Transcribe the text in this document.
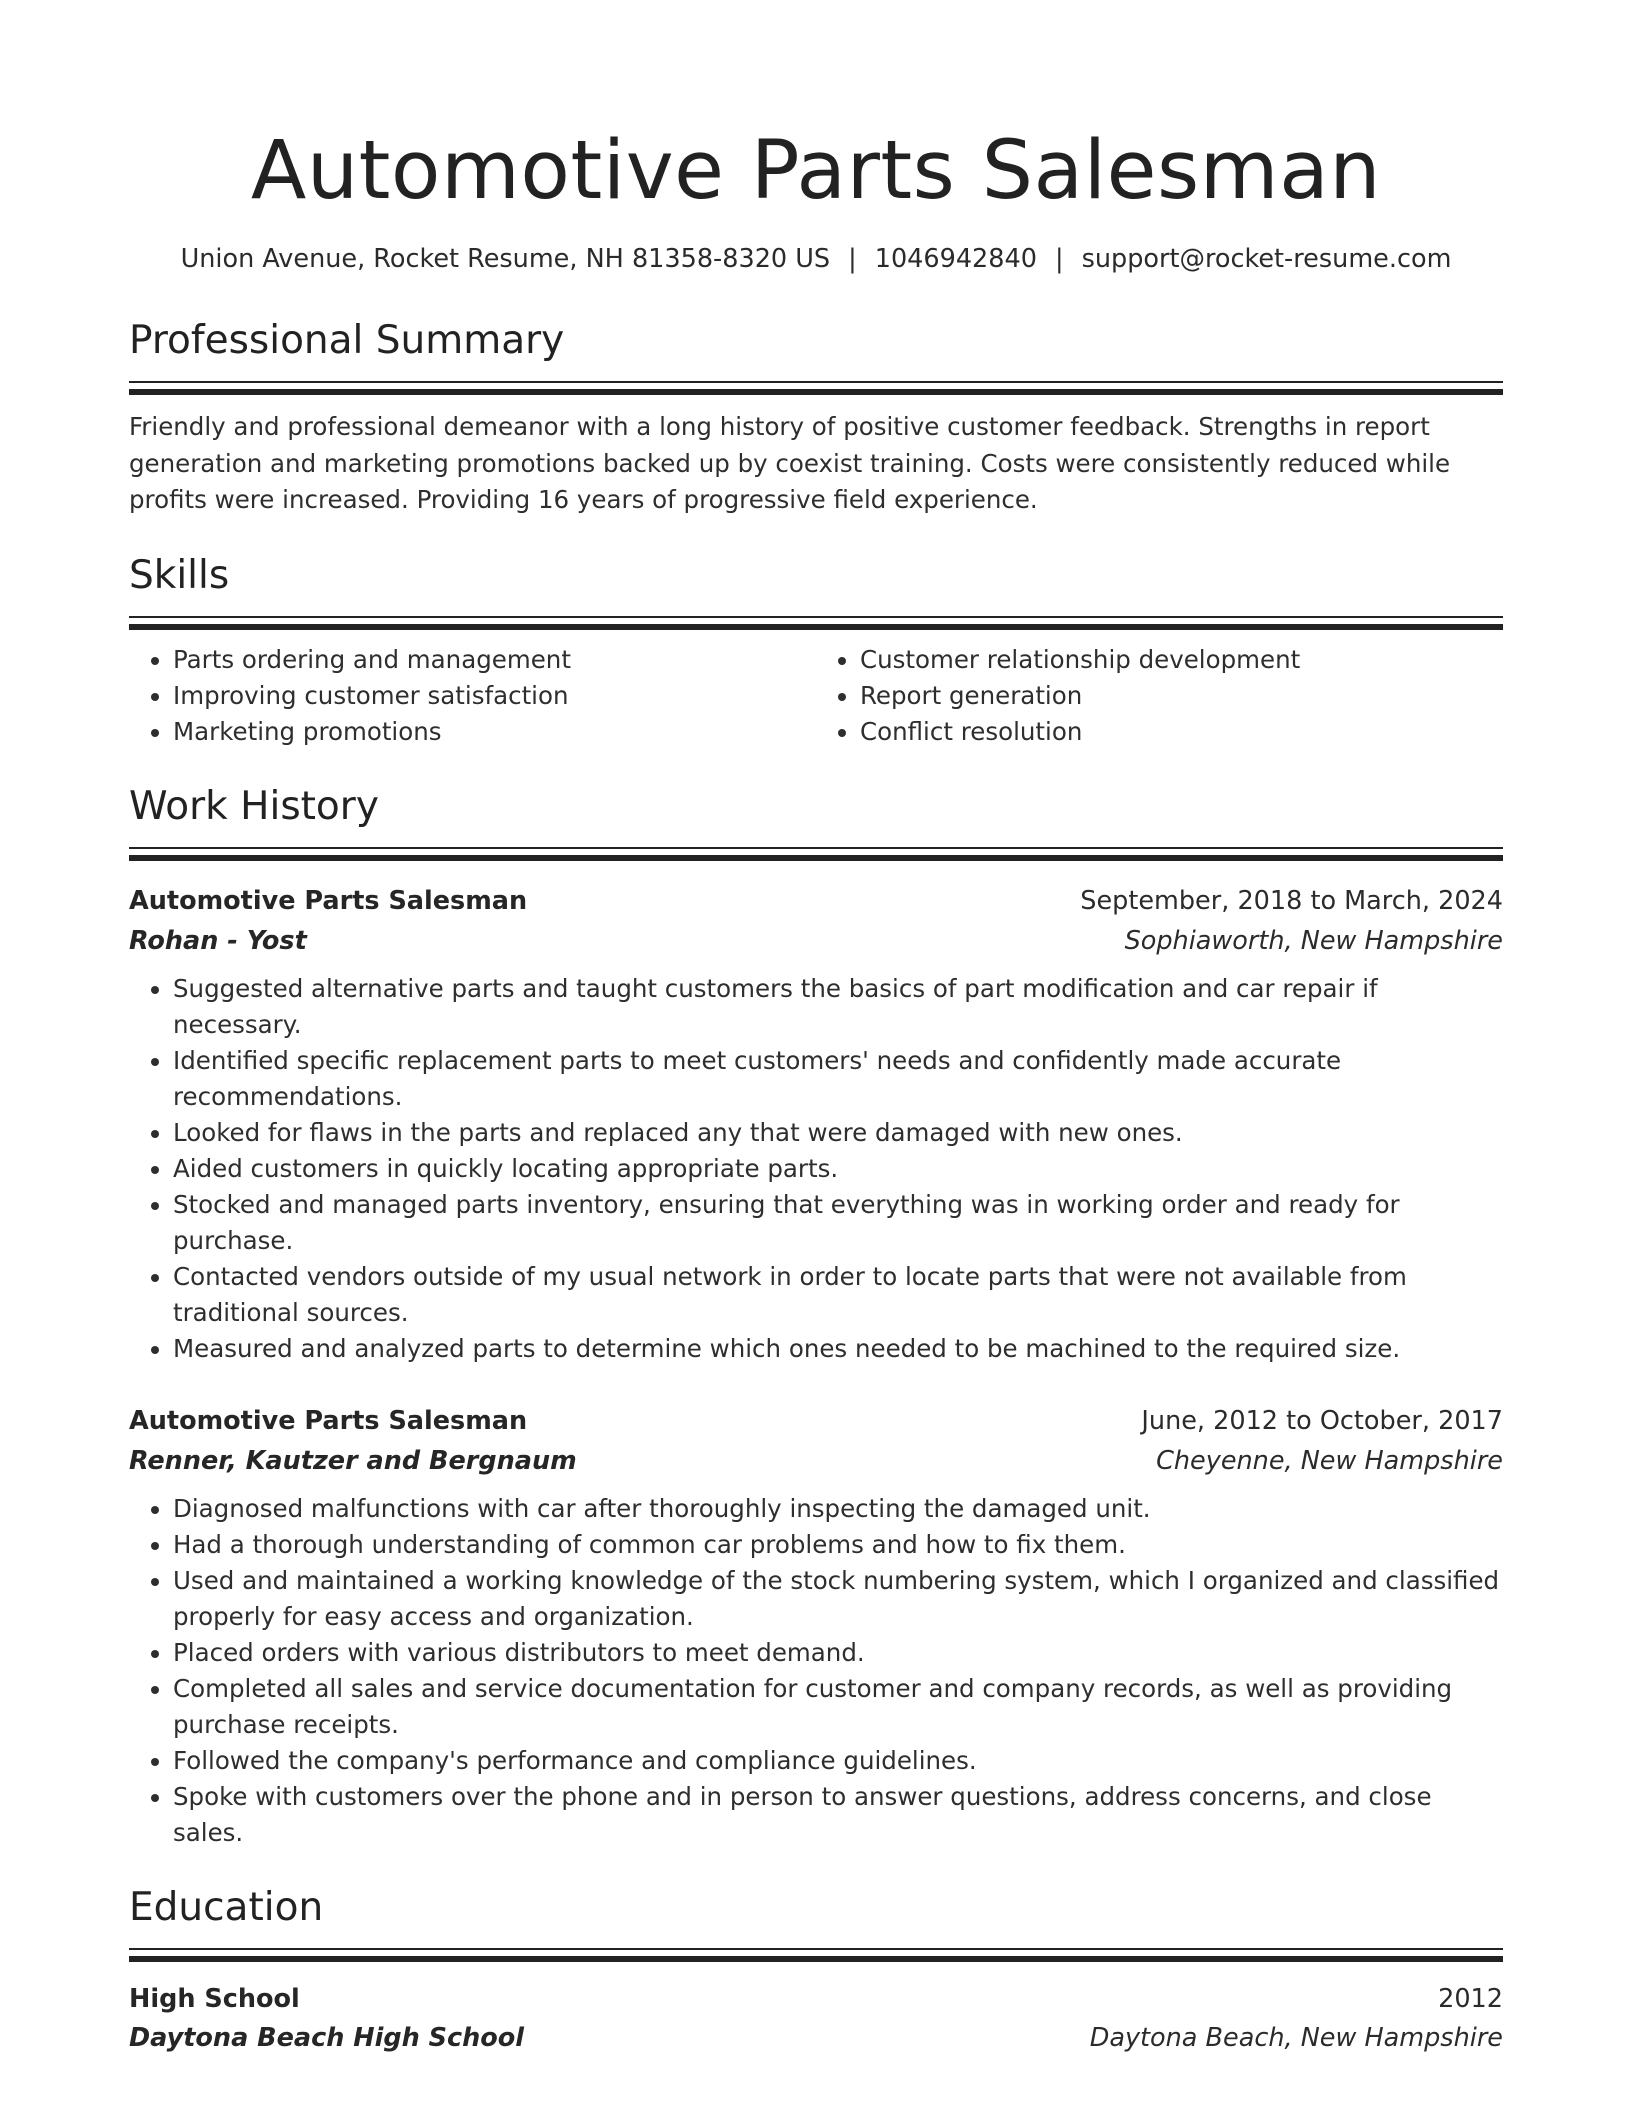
Automotive Parts Salesman
Union Avenue, Rocket Resume, NH 81358-8320 US | 1046942840 | support@rocket-resume.com
Professional Summary

Friendly and professional demeanor with a long history of positive customer feedback. Strengths in report generation and marketing promotions backed up by coexist training. Costs were consistently reduced while profits were increased. Providing 16 years of progressive field experience.

Skills
• Parts ordering and management
• Improving customer satisfaction
• Marketing promotions
• Customer relationship development
• Report generation
• Conflict resolution
Work History
Automotive Parts Salesman	September, 2018 to March, 2024
Rohan - Yost	Sophiaworth, New Hampshire
• Suggested alternative parts and taught customers the basics of part modification and car repair if necessary.
• Identified specific replacement parts to meet customers' needs and confidently made accurate recommendations.
• Looked for flaws in the parts and replaced any that were damaged with new ones.
• Aided customers in quickly locating appropriate parts.
• Stocked and managed parts inventory, ensuring that everything was in working order and ready for purchase.
• Contacted vendors outside of my usual network in order to locate parts that were not available from traditional sources.
• Measured and analyzed parts to determine which ones needed to be machined to the required size.
Automotive Parts Salesman	June, 2012 to October, 2017
Renner, Kautzer and Bergnaum	Cheyenne, New Hampshire
• Diagnosed malfunctions with car after thoroughly inspecting the damaged unit.
• Had a thorough understanding of common car problems and how to fix them.
• Used and maintained a working knowledge of the stock numbering system, which I organized and classified properly for easy access and organization.
• Placed orders with various distributors to meet demand.
• Completed all sales and service documentation for customer and company records, as well as providing purchase receipts.
• Followed the company's performance and compliance guidelines.
• Spoke with customers over the phone and in person to answer questions, address concerns, and close sales.
Education
High School	2012
Daytona Beach High School	Daytona Beach, New Hampshire
